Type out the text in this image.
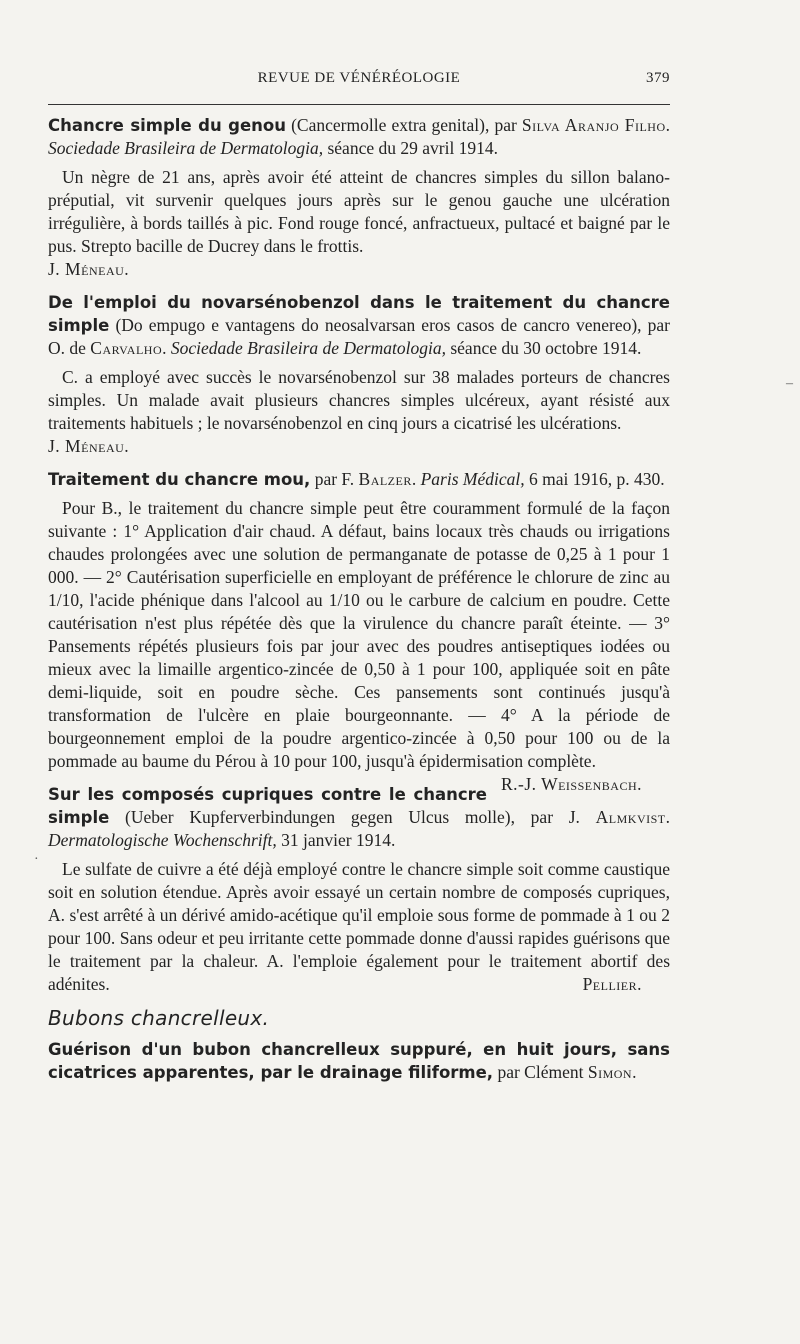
REVUE DE VÉNÉRÉOLOGIE	379
–
·

Chancre simple du genou (Cancermolle extra genital), par Silva Aranjo Filho. Sociedade Brasileira de Dermatologia, séance du 29 avril 1914.

Un nègre de 21 ans, après avoir été atteint de chancres simples du sillon balano-préputial, vit survenir quelques jours après sur le genou gauche une ulcération irrégulière, à bords taillés à pic. Fond rouge foncé, anfractueux, pultacé et baigné par le pus. Strepto bacille de Ducrey dans le frottis.

J. Méneau.

De l'emploi du novarsénobenzol dans le traitement du chancre simple (Do empugo e vantagens do neosalvarsan eros casos de cancro venereo), par O. de Carvalho. Sociedade Brasileira de Dermatologia, séance du 30 octobre 1914.

C. a employé avec succès le novarsénobenzol sur 38 malades porteurs de chancres simples. Un malade avait plusieurs chancres simples ulcéreux, ayant résisté aux traitements habituels ; le novarsénobenzol en cinq jours a cicatrisé les ulcérations.

J. Méneau.

Traitement du chancre mou, par F. Balzer. Paris Médical, 6 mai 1916, p. 430.

Pour B., le traitement du chancre simple peut être couramment formulé de la façon suivante : 1° Application d'air chaud. A défaut, bains locaux très chauds ou irrigations chaudes prolongées avec une solution de permanganate de potasse de 0,25 à 1 pour 1 000. — 2° Cautérisation superficielle en employant de préférence le chlorure de zinc au 1/10, l'acide phénique dans l'alcool au 1/10 ou le carbure de calcium en poudre. Cette cautérisation n'est plus répétée dès que la virulence du chancre paraît éteinte. — 3° Pansements répétés plusieurs fois par jour avec des poudres antiseptiques iodées ou mieux avec la limaille argentico-zincée de 0,50 à 1 pour 100, appliquée soit en pâte demi-liquide, soit en poudre sèche. Ces pansements sont continués jusqu'à transformation de l'ulcère en plaie bourgeonnante. — 4° A la période de bourgeonnement emploi de la poudre argentico-zincée à 0,50 pour 100 ou de la pommade au baume du Pérou à 10 pour 100, jusqu'à épidermisation complète.
R.-J. Weissenbach.

Sur les composés cupriques contre le chancre simple (Ueber Kupferverbindungen gegen Ulcus molle), par J. Almkvist. Dermatologische Wochenschrift, 31 janvier 1914.

Le sulfate de cuivre a été déjà employé contre le chancre simple soit comme caustique soit en solution étendue. Après avoir essayé un certain nombre de composés cupriques, A. s'est arrêté à un dérivé amido-acétique qu'il emploie sous forme de pommade à 1 ou 2 pour 100. Sans odeur et peu irritante cette pommade donne d'aussi rapides guérisons que le traitement par la chaleur. A. l'emploie également pour le traitement abortif des adénites.	Pellier.

Bubons chancrelleux.

Guérison d'un bubon chancrelleux suppuré, en huit jours, sans cicatrices apparentes, par le drainage filiforme, par Clément Simon.
